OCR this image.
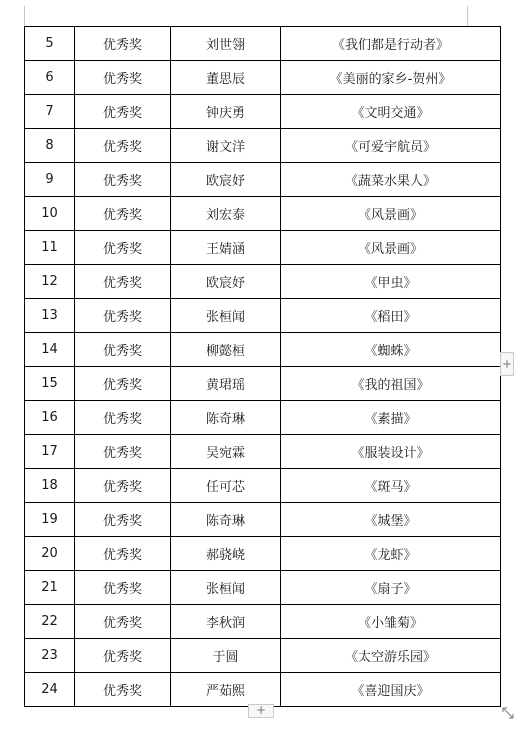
5	优秀奖	刘世翎	《我们都是行动者》
6	优秀奖	董思辰	《美丽的家乡-贺州》
7	优秀奖	钟庆勇	《文明交通》
8	优秀奖	谢文洋	《可爱宇航员》
9	优秀奖	欧宸妤	《蔬菜水果人》
10	优秀奖	刘宏泰	《风景画》
11	优秀奖	王婧涵	《风景画》
12	优秀奖	欧宸妤	《甲虫》
13	优秀奖	张桓闻	《稻田》
14	优秀奖	柳懿桓	《蜘蛛》
15	优秀奖	黄珺瑶	《我的祖国》
16	优秀奖	陈奇琳	《素描》
17	优秀奖	吴宛霖	《服装设计》
18	优秀奖	任可芯	《斑马》
19	优秀奖	陈奇琳	《城堡》
20	优秀奖	郝骁峣	《龙虾》
21	优秀奖	张桓闻	《扇子》
22	优秀奖	李秋润	《小雏菊》
23	优秀奖	于圆	《太空游乐园》
24	优秀奖	严茹熙	《喜迎国庆》
+
+
